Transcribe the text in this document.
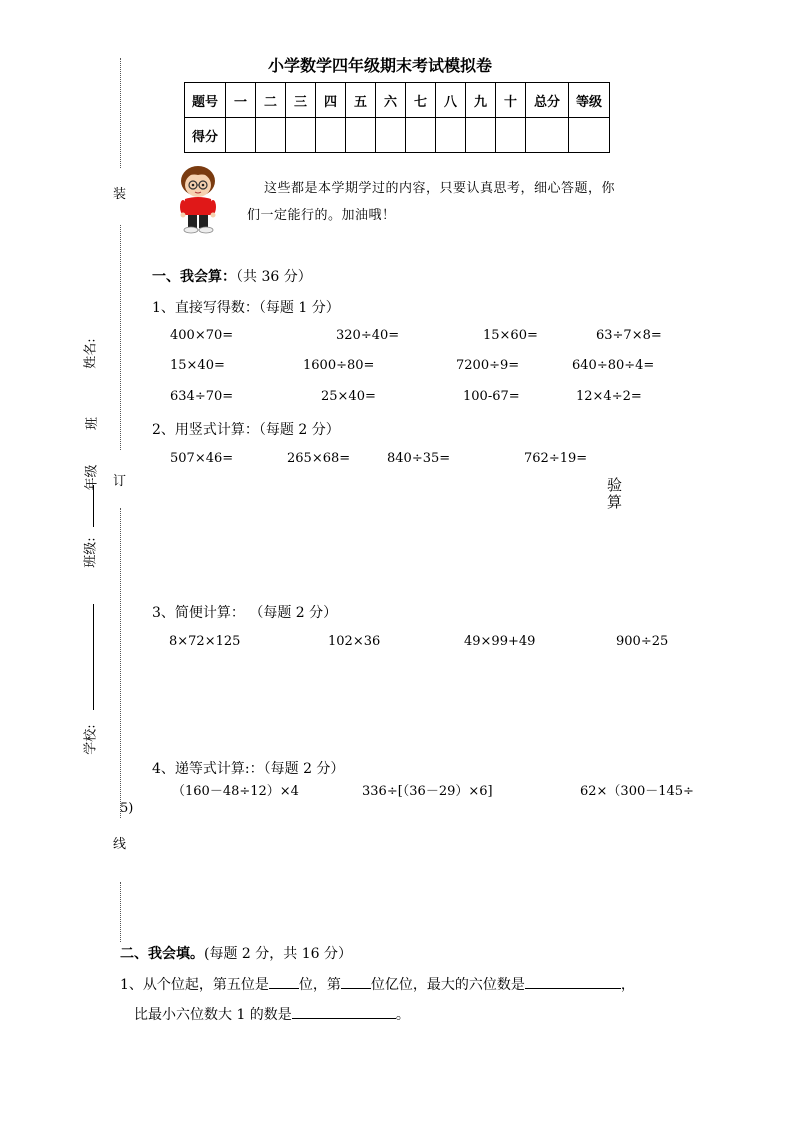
装
订
线
姓名:
班
年级
班级:
学校:
小学数学四年级期末考试模拟卷
题号	一	二	三	四	五	六	七	八	九	十	总分	等级
得分												
这些都是本学期学过的内容，只要认真思考，细心答题，你
们一定能行的。加油哦！
一、我会算：（共 36 分）
1、直接写得数：（每题 1 分）
400×70=	320÷40=	15×60=	63÷7×8=
15×40=	1600÷80=	7200÷9=	640÷80÷4=
634÷70=	25×40=	100-67=	12×4÷2=
2、用竖式计算：（每题 2 分）
507×46=	265×68=	840÷35=	762÷19=
验
算
3、简便计算： （每题 2 分）
8×72×125	102×36	49×99+49	900÷25
4、递等式计算:：（每题 2 分）
（160－48÷12）×4	336÷[（36－29）×6]	62×（300－145÷
5)
二、我会填。(每题 2 分，共 16 分）
1、从个位起，第五位是 位，第 位亿位，最大的六位数是	，
比最小六位数大 1 的数是	。
